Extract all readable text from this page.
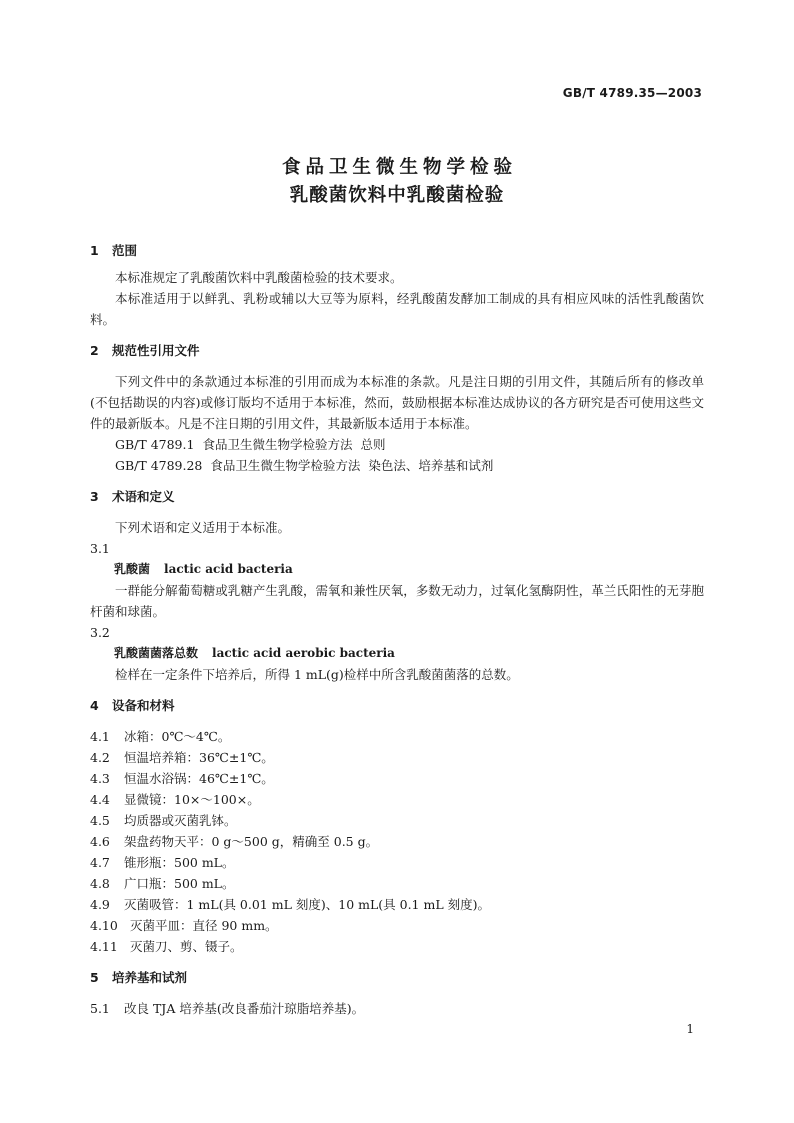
GB/T 4789.35—2003
食品卫生微生物学检验
乳酸菌饮料中乳酸菌检验
1 范围
本标准规定了乳酸菌饮料中乳酸菌检验的技术要求。
本标准适用于以鲜乳、乳粉或辅以大豆等为原料，经乳酸菌发酵加工制成的具有相应风味的活性乳酸菌饮料。
2 规范性引用文件
下列文件中的条款通过本标准的引用而成为本标准的条款。凡是注日期的引用文件，其随后所有的修改单(不包括勘误的内容)或修订版均不适用于本标准，然而，鼓励根据本标准达成协议的各方研究是否可使用这些文件的最新版本。凡是不注日期的引用文件，其最新版本适用于本标准。
GB/T 4789.1 食品卫生微生物学检验方法 总则
GB/T 4789.28 食品卫生微生物学检验方法 染色法、培养基和试剂
3 术语和定义
下列术语和定义适用于本标准。
3.1
乳酸菌 lactic acid bacteria
一群能分解葡萄糖或乳糖产生乳酸，需氧和兼性厌氧，多数无动力，过氧化氢酶阴性，革兰氏阳性的无芽胞杆菌和球菌。
3.2
乳酸菌菌落总数 lactic acid aerobic bacteria
检样在一定条件下培养后，所得 1 mL(g)检样中所含乳酸菌菌落的总数。
4 设备和材料
4.1 冰箱：0℃～4℃。
4.2 恒温培养箱：36℃±1℃。
4.3 恒温水浴锅：46℃±1℃。
4.4 显微镜：10×～100×。
4.5 均质器或灭菌乳钵。
4.6 架盘药物天平：0 g～500 g，精确至 0.5 g。
4.7 锥形瓶：500 mL。
4.8 广口瓶：500 mL。
4.9 灭菌吸管：1 mL(具 0.01 mL 刻度)、10 mL(具 0.1 mL 刻度)。
4.10 灭菌平皿：直径 90 mm。
4.11 灭菌刀、剪、镊子。
5 培养基和试剂
5.1 改良 TJA 培养基(改良番茄汁琼脂培养基)。
1
